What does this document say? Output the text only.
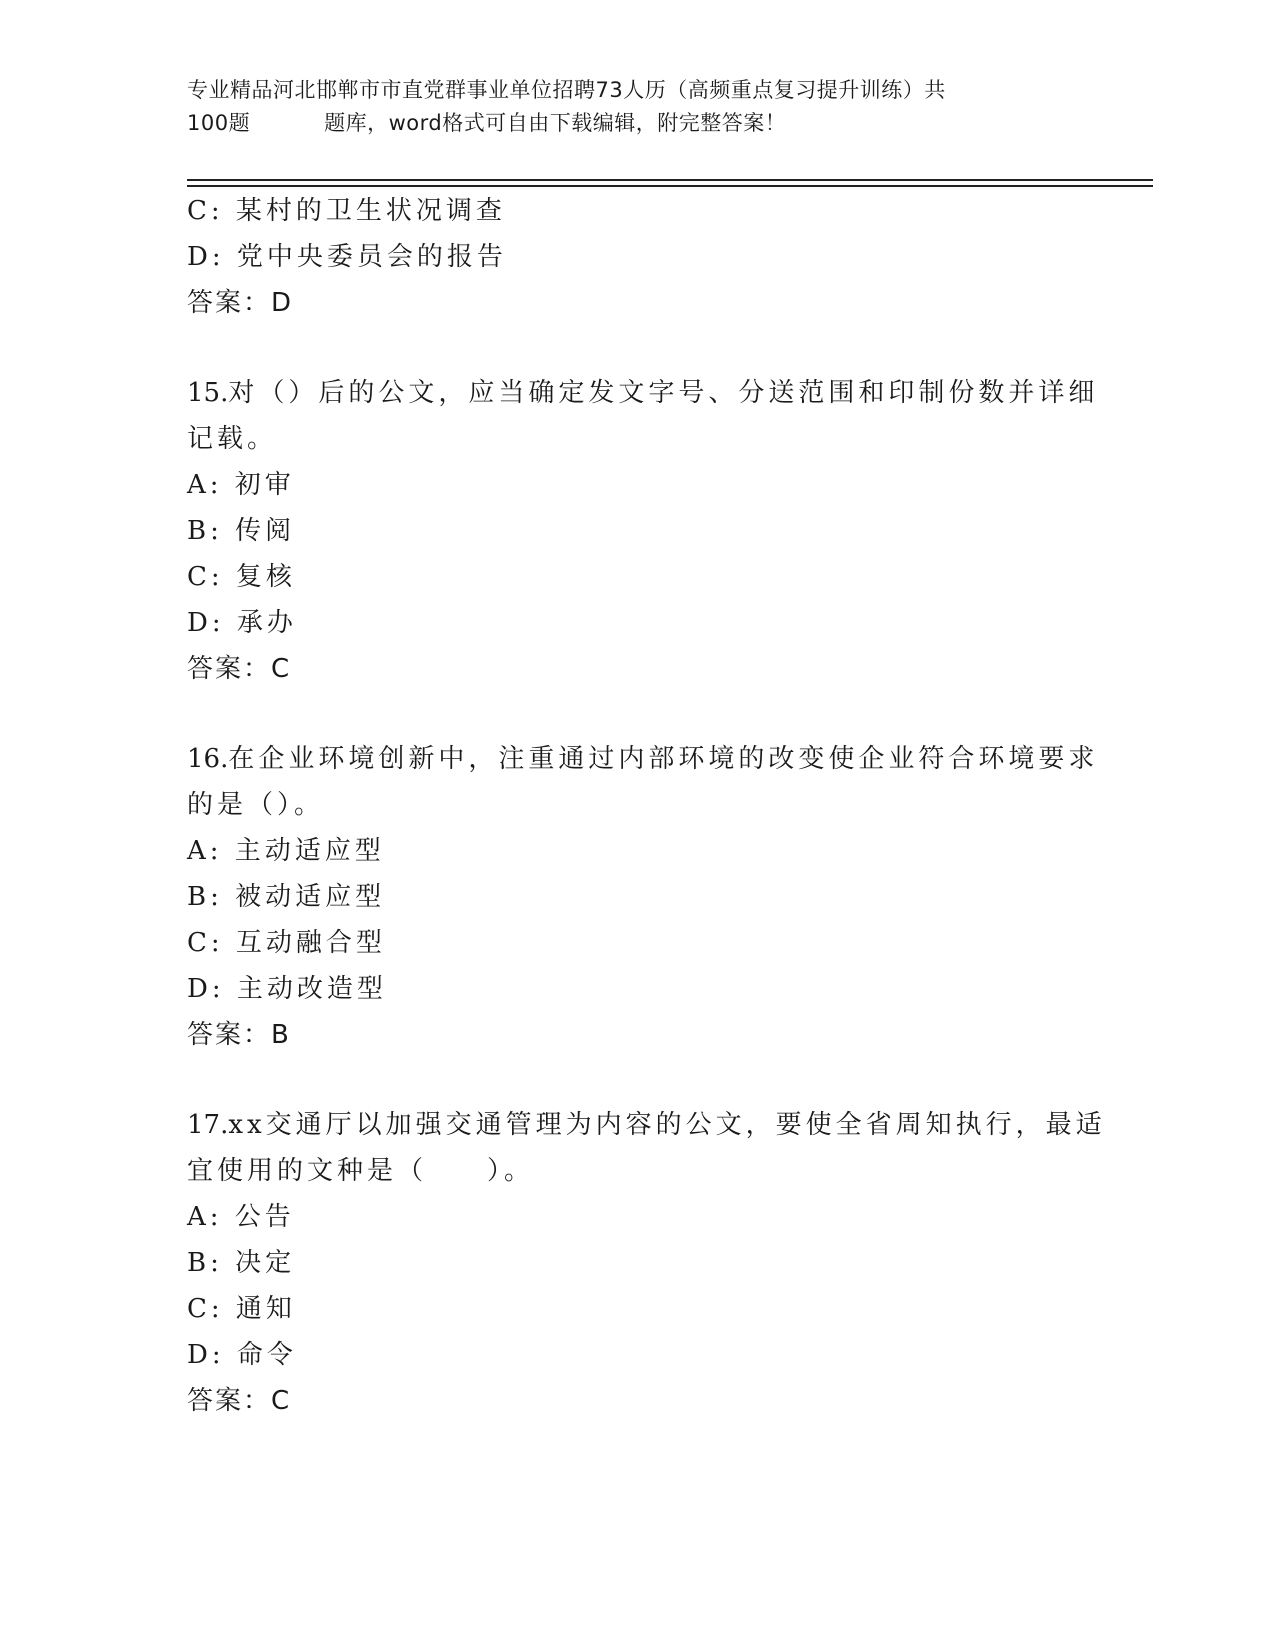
专业精品河北邯郸市市直党群事业单位招聘73人历（高频重点复习提升训练）共
100题	题库，word格式可自由下载编辑，附完整答案！
C: 某村的卫生状况调查
D: 党中央委员会的报告
答案：D
15.对（）后的公文，应当确定发文字号、分送范围和印制份数并详细
记载。
A: 初审
B: 传阅
C: 复核
D: 承办
答案：C
16.在企业环境创新中，注重通过内部环境的改变使企业符合环境要求
的是（）。
A: 主动适应型
B: 被动适应型
C: 互动融合型
D: 主动改造型
答案：B
17.xx交通厅以加强交通管理为内容的公文，要使全省周知执行，最适
宜使用的文种是（ ）。
A: 公告
B: 决定
C: 通知
D: 命令
答案：C
